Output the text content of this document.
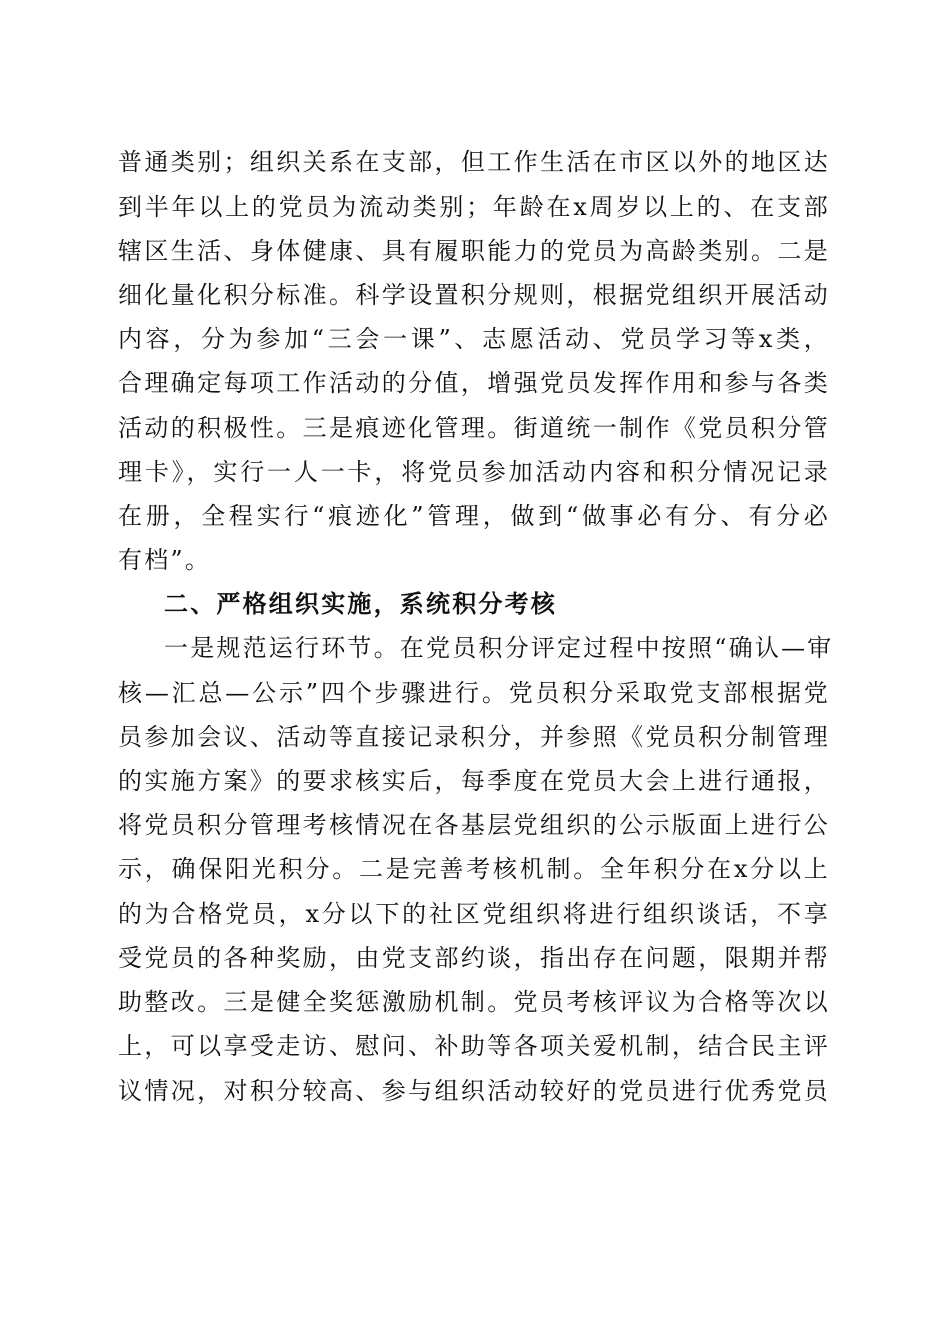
普通类别；组织关系在支部，但工作生活在市区以外的地区达
到半年以上的党员为流动类别；年龄在x周岁以上的、在支部
辖区生活、身体健康、具有履职能力的党员为高龄类别。二是
细化量化积分标准。科学设置积分规则，根据党组织开展活动
内容，分为参加“三会一课”、志愿活动、党员学习等x类，
合理确定每项工作活动的分值，增强党员发挥作用和参与各类
活动的积极性。三是痕迹化管理。街道统一制作《党员积分管
理卡》，实行一人一卡，将党员参加活动内容和积分情况记录
在册，全程实行“痕迹化”管理，做到“做事必有分、有分必
有档”。
二、严格组织实施，系统积分考核
一是规范运行环节。在党员积分评定过程中按照“确认—审
核—汇总—公示”四个步骤进行。党员积分采取党支部根据党
员参加会议、活动等直接记录积分，并参照《党员积分制管理
的实施方案》的要求核实后，每季度在党员大会上进行通报，
将党员积分管理考核情况在各基层党组织的公示版面上进行公
示，确保阳光积分。二是完善考核机制。全年积分在x分以上
的为合格党员，x分以下的社区党组织将进行组织谈话，不享
受党员的各种奖励，由党支部约谈，指出存在问题，限期并帮
助整改。三是健全奖惩激励机制。党员考核评议为合格等次以
上，可以享受走访、慰问、补助等各项关爱机制，结合民主评
议情况，对积分较高、参与组织活动较好的党员进行优秀党员
